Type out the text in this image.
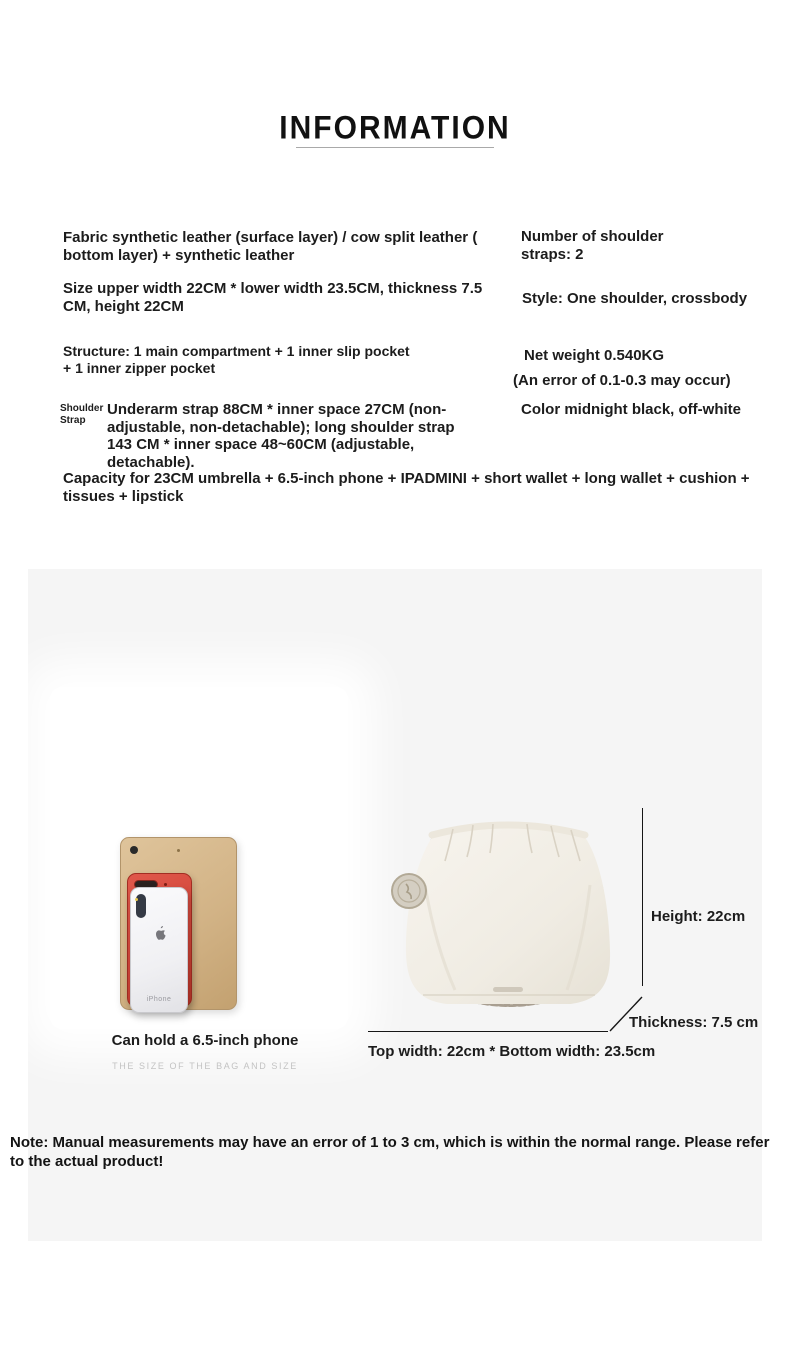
INFORMATION
Fabric synthetic leather (surface layer) / cow split leather ( bottom layer) + synthetic leather
Size upper width 22CM * lower width 23.5CM, thickness 7.5 CM, height 22CM
Structure: 1 main compartment + 1 inner slip pocket + 1 inner zipper pocket
Shoulder Strap
Underarm strap 88CM * inner space 27CM (non-adjustable, non-detachable); long shoulder strap 143 CM * inner space 48~60CM (adjustable, detachable).
Capacity for 23CM umbrella + 6.5-inch phone + IPADMINI + short wallet + long wallet + cushion + tissues + lipstick
Number of shoulder straps: 2
Style: One shoulder, crossbody
Net weight 0.540KG
(An error of 0.1-0.3 may occur)
Color midnight black, off-white
iPhone
Can hold a 6.5-inch phone
THE SIZE OF THE BAG AND SIZE
Height: 22cm
Thickness: 7.5 cm
Top width: 22cm * Bottom width: 23.5cm
Note: Manual measurements may have an error of 1 to 3 cm, which is within the normal range. Please refer to the actual product!
